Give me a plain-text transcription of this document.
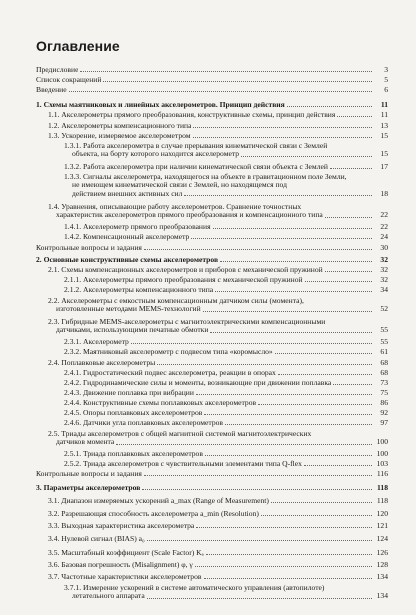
Оглавление
Предисловие	3
Список сокращений	5
Введение	6
1. Схемы маятниковых и линейных акселерометров. Принцип действия	11
1.1. Акселерометры прямого преобразования, конструктивные схемы, принцип действия	11
1.2. Акселерометры компенсационного типа	13
1.3. Ускорение, измеряемое акселерометром	15
1.3.1. Работа акселерометра в случае прерывания кинематической связи с Землей
объекта, на борту которого находится акселерометр	15
1.3.2. Работа акселерометра при наличии кинематической связи объекта с Землей	17
1.3.3. Сигналы акселерометра, находящегося на объекте в гравитационном поле Земли,
не имеющем кинематической связи с Землей, но находящемся под
действием внешних активных сил	18
1.4. Уравнения, описывающие работу акселерометров. Сравнение точностных
характеристик акселерометров прямого преобразования и компенсационного типа	22
1.4.1. Акселерометр прямого преобразования	22
1.4.2. Компенсационный акселерометр	24
Контрольные вопросы и задания	30
2. Основные конструктивные схемы акселерометров	32
2.1. Схемы компенсационных акселерометров и приборов с механической пружиной	32
2.1.1. Акселерометры прямого преобразования с механической пружиной	32
2.1.2. Акселерометры компенсационного типа	34
2.2. Акселерометры с емкостным компенсационным датчиком силы (момента),
изготовленные методами MEMS-технологий	52
2.3. Гибридные MEMS-акселерометры с магнитоэлектрическими компенсационными
датчиками, использующими печатные обмотки	55
2.3.1. Акселерометр	55
2.3.2. Маятниковый акселерометр с подвесом типа «коромысло»	61
2.4. Поплавковые акселерометры	68
2.4.1. Гидростатический подвес акселерометра, реакции в опорах	68
2.4.2. Гидродинамические силы и моменты, возникающие при движении поплавка	73
2.4.3. Движение поплавка при вибрации	75
2.4.4. Конструктивные схемы поплавковых акселерометров	86
2.4.5. Опоры поплавковых акселерометров	92
2.4.6. Датчики угла поплавковых акселерометров	97
2.5. Триады акселерометров с общей магнитной системой магнитоэлектрических
датчиков момента	100
2.5.1. Триада поплавковых акселерометров	100
2.5.2. Триада акселерометров с чувствительными элементами типа Q-flex	103
Контрольные вопросы и задания	116
3. Параметры акселерометров	118
3.1. Диапазон измеряемых ускорений a_max (Range of Measurement)	118
3.2. Разрешающая способность акселерометра a_min (Resolution)	120
3.3. Выходная характеристика акселерометра	121
3.4. Нулевой сигнал (BIAS) a₀	124
3.5. Масштабный коэффициент (Scale Factor) Kₐ	126
3.6. Базовая погрешность (Misalignment) φ, γ	128
3.7. Частотные характеристики акселерометров	134
3.7.1. Измерение ускорений в системе автоматического управления (автопилоте)
летательного аппарата	134
